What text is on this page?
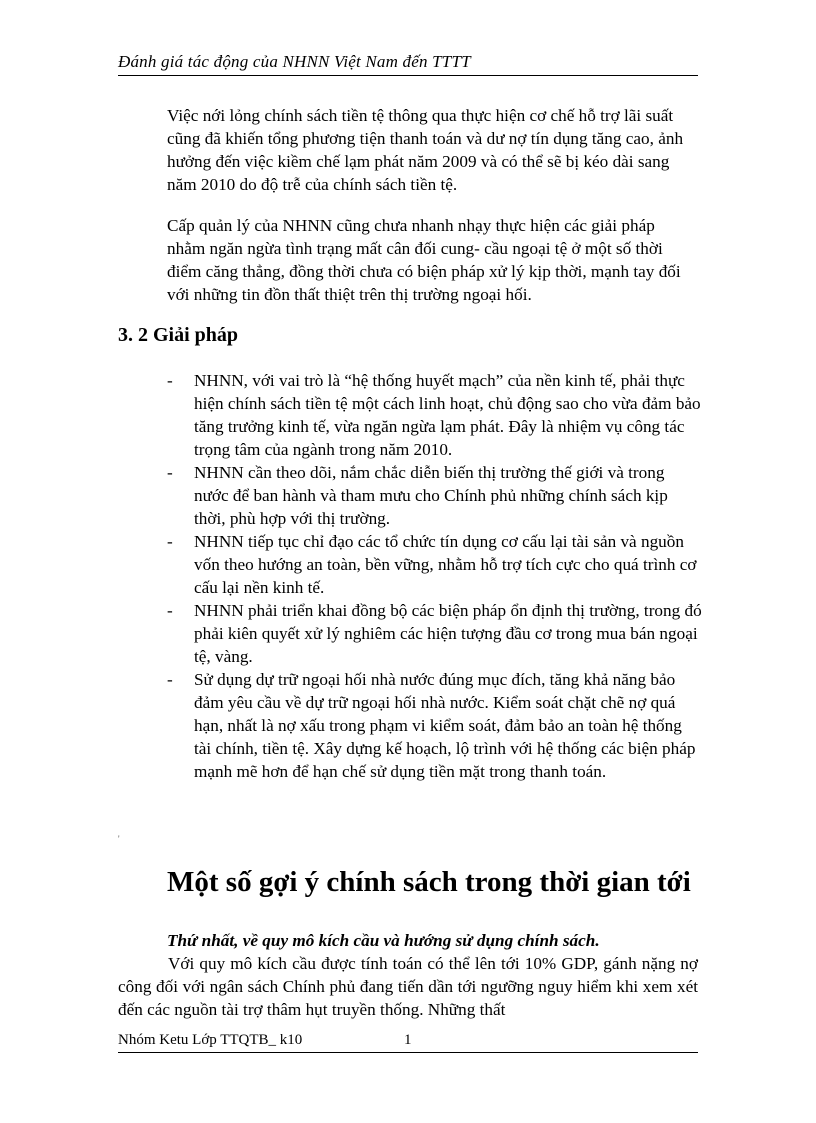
Đánh giá tác động của NHNN Việt Nam đến TTTT
Việc nới lỏng chính sách tiền tệ thông qua thực hiện cơ chế hỗ trợ lãi suất cũng đã khiến tổng phương tiện thanh toán và dư nợ tín dụng tăng cao, ảnh hưởng đến việc kiềm chế lạm phát năm 2009 và có thể sẽ bị kéo dài sang năm 2010 do độ trễ của chính sách tiền tệ.
Cấp quản lý của NHNN cũng chưa nhanh nhạy thực hiện các giải pháp nhằm ngăn ngừa tình trạng mất cân đối cung- cầu ngoại tệ ở một số thời điểm căng thẳng, đồng thời chưa có biện pháp xử lý kịp thời, mạnh tay đối với những tin đồn thất thiệt trên thị trường ngoại hối.
3. 2 Giải pháp
- NHNN, với vai trò là “hệ thống huyết mạch” của nền kinh tế, phải thực hiện chính sách tiền tệ một cách linh hoạt, chủ động sao cho vừa đảm bảo tăng trưởng kinh tế, vừa ngăn ngừa lạm phát. Đây là nhiệm vụ công tác trọng tâm của ngành trong năm 2010.
- NHNN cần theo dõi, nắm chắc diễn biến thị trường thế giới và trong nước để ban hành và tham mưu cho Chính phủ những chính sách kịp thời, phù hợp với thị trường.
- NHNN tiếp tục chỉ đạo các tổ chức tín dụng cơ cấu lại tài sản và nguồn vốn theo hướng an toàn, bền vững, nhằm hỗ trợ tích cực cho quá trình cơ cấu lại nền kinh tế.
- NHNN phải triển khai đồng bộ các biện pháp ổn định thị trường, trong đó phải kiên quyết xử lý nghiêm các hiện tượng đầu cơ trong mua bán ngoại tệ, vàng.
- Sử dụng dự trữ ngoại hối nhà nước đúng mục đích, tăng khả năng bảo đảm yêu cầu về dự trữ ngoại hối nhà nước. Kiểm soát chặt chẽ nợ quá hạn, nhất là nợ xấu trong phạm vi kiểm soát, đảm bảo an toàn hệ thống tài chính, tiền tệ. Xây dựng kế hoạch, lộ trình với hệ thống các biện pháp mạnh mẽ hơn để hạn chế sử dụng tiền mặt trong thanh toán.
'
Một số gợi ý chính sách trong thời gian tới
Thứ nhất, về quy mô kích cầu và hướng sử dụng chính sách.
Với quy mô kích cầu được tính toán có thể lên tới 10% GDP, gánh nặng nợ công đối với ngân sách Chính phủ đang tiến dần tới ngưỡng nguy hiểm khi xem xét đến các nguồn tài trợ thâm hụt truyền thống. Những thất
Nhóm Ketu Lớp TTQTB_ k10	1
